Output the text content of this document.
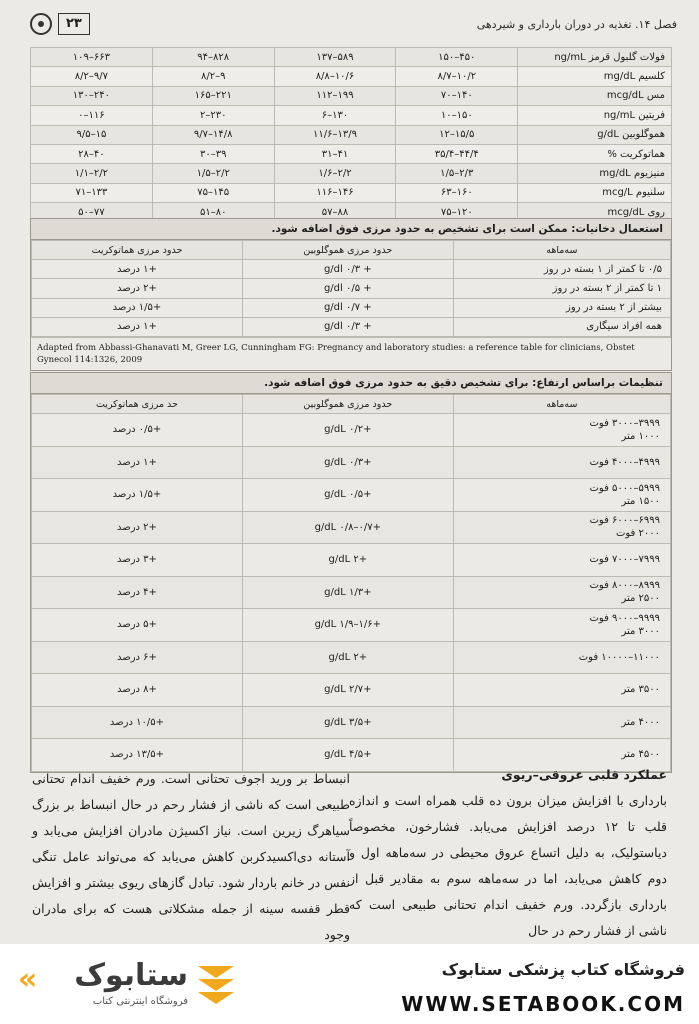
۲۳	فصل ۱۴. تغذیه در دوران بارداری و شیردهی
فولات گلبول قرمز ng/mL	۴۵۰–۱۵۰	۵۸۹–۱۳۷	۸۲۸–۹۴	۶۶۳–۱۰۹
کلسیم mg/dL	۱۰/۲–۸/۷	۱۰/۶–۸/۸	۹–۸/۲	۹/۷–۸/۲
مس mcg/dL	۱۴۰–۷۰	۱۹۹–۱۱۲	۲۲۱–۱۶۵	۲۴۰–۱۳۰
فریتین ng/mL	۱۵۰–۱۰	۱۳۰–۶	۲۳۰–۲	۱۱۶–۰
هموگلوبین g/dL	۱۵/۵–۱۲	۱۳/۹–۱۱/۶	۱۴/۸–۹/۷	۱۵–۹/۵
هماتوکریت %	۴۴/۴–۳۵/۴	۴۱–۳۱	۳۹–۳۰	۴۰–۲۸
منیزیوم mg/dL	۲/۳–۱/۵	۲/۲–۱/۶	۲/۲–۱/۵	۲/۲–۱/۱
سلنیوم mcg/L	۱۶۰–۶۳	۱۴۶–۱۱۶	۱۴۵–۷۵	۱۳۳–۷۱
روی mcg/dL	۱۲۰–۷۵	۸۸–۵۷	۸۰–۵۱	۷۷–۵۰
استعمال دخانیات: ممکن است برای تشخیص به حدود مرزی فوق اضافه شود.
سه‌ماهه	حدود مرزی هموگلوبین	حدود مرزی هماتوکریت
۰/۵ تا کمتر از ۱ بسته در روز	+ ۰/۳ g/dl	+۱ درصد
۱ تا کمتر از ۲ بسته در روز	+ ۰/۵ g/dl	+۲ درصد
بیشتر از ۲ بسته در روز	+ ۰/۷ g/dl	+۱/۵ درصد
همه افراد سیگاری	+ ۰/۳ g/dl	+۱ درصد
Adapted from Abbassi-Ghanavati M, Greer LG, Cunningham FG: Pregnancy and laboratory studies: a reference table for clinicians, Obstet Gynecol 114:1326, 2009
تنظیمات براساس ارتفاع: برای تشخیص دقیق به حدود مرزی فوق اضافه شود.
سه‌ماهه	حدود مرزی هموگلوبین	حد مرزی هماتوکریت

۳۹۹۹–۳۰۰۰ فوت
۱۰۰۰ متر	+۰/۲ g/dL	+۰/۵ درصد

۴۹۹۹–۴۰۰۰ فوت	+۰/۳ g/dL	+۱ درصد

۵۹۹۹–۵۰۰۰ فوت
۱۵۰۰ متر	+۰/۵ g/dL	+۱/۵ درصد

۶۹۹۹–۶۰۰۰ فوت
۲۰۰۰ فوت	+۰/۷–۰/۸ g/dL	+۲ درصد

۷۹۹۹–۷۰۰۰ فوت	+۲ g/dL	+۳ درصد

۸۹۹۹–۸۰۰۰ فوت
۲۵۰۰ متر	+۱/۳ g/dL	+۴ درصد

۹۹۹۹–۹۰۰۰ فوت
۳۰۰۰ متر	+۱/۶–۱/۹ g/dL	+۵ درصد

۱۱۰۰۰–۱۰۰۰۰ فوت	+۲ g/dL	+۶ درصد

۳۵۰۰ متر	+۲/۷ g/dL	+۸ درصد

۴۰۰۰ متر	+۳/۵ g/dL	+۱۰/۵ درصد

۴۵۰۰ متر	+۴/۵ g/dL	+۱۳/۵ درصد
عملکرد قلبی عروقی–ریوی
بارداری با افزایش میزان برون ده قلب همراه است و اندازه قلب تا ۱۲ درصد افزایش می‌یابد. فشارخون، مخصوصاً دیاستولیک، به دلیل اتساع عروق محیطی در سه‌ماهه اول و دوم کاهش می‌یابد، اما در سه‌ماهه سوم به مقادیر قبل از بارداری بازگردد. ورم خفیف اندام تحتانی طبیعی است که ناشی از فشار رحم در حال
انبساط بر ورید اجوف تحتانی است. ورم خفیف اندام تحتانی طبیعی است که ناشی از فشار رحم در حال انبساط بر بزرگ سیاهرگ زیرین است. نیاز اکسیژن مادران افزایش می‌یابد و آستانه دی‌اکسیدکربن کاهش می‌یابد که می‌تواند عامل تنگی نفس در خانم باردار شود. تبادل گازهای ریوی بیشتر و افزایش قطر قفسه سینه از جمله مشکلاتی هست که برای مادران وجود
« ستابوک
فروشگاه اینترنتی کتاب
فروشگاه کتاب پزشکی ستابوک
WWW.SETABOOK.COM
